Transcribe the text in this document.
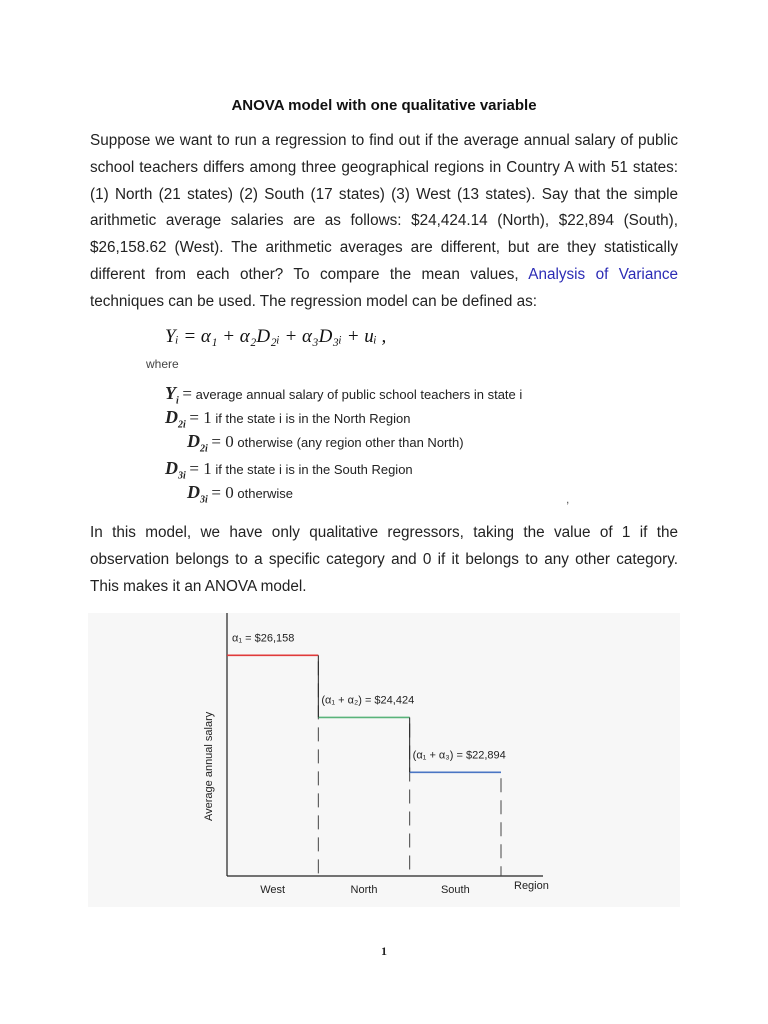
ANOVA model with one qualitative variable
Suppose we want to run a regression to find out if the average annual salary of public school teachers differs among three geographical regions in Country A with 51 states: (1) North (21 states) (2) South (17 states) (3) West (13 states). Say that the simple arithmetic average salaries are as follows: $24,424.14 (North), $22,894 (South), $26,158.62 (West). The arithmetic averages are different, but are they statistically different from each other? To compare the mean values, Analysis of Variance techniques can be used. The regression model can be defined as:
Yᵢ = α₁ + α₂D₂ᵢ + α₃D₃ᵢ + uᵢ ,
where
$Y_i$ = average annual salary of public school teachers in state i
$D_{2i} = 1$ if the state i is in the North Region
$D_{2i} = 0$ otherwise (any region other than North)
$D_{3i} = 1$ if the state i is in the South Region
$D_{3i} = 0$ otherwise	,
In this model, we have only qualitative regressors, taking the value of 1 if the observation belongs to a specific category and 0 if it belongs to any other category. This makes it an ANOVA model.
Average annual salary
Region
West
α₁ = $26,158
North
(α₁ + α₂) = $24,424
South
(α₁ + α₃) = $22,894
1
